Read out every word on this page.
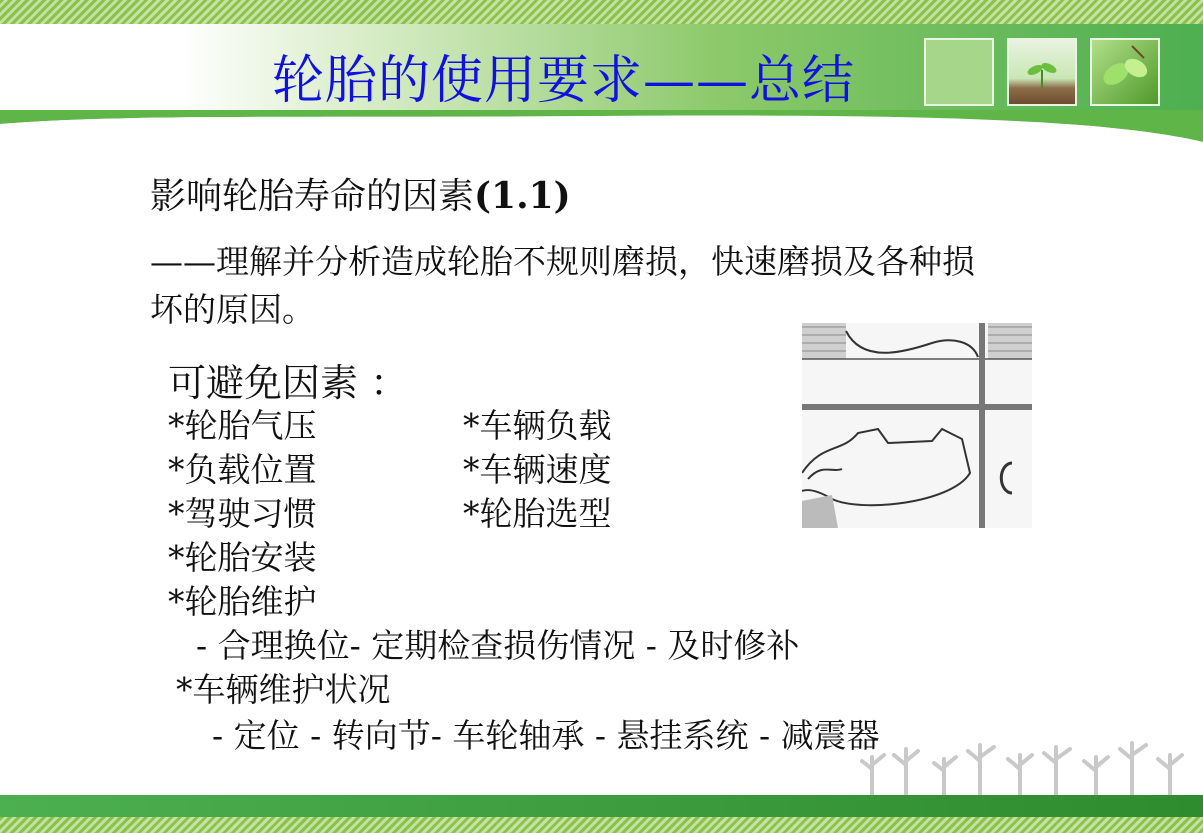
轮胎的使用要求——总结
影响轮胎寿命的因素(1.1)
——理解并分析造成轮胎不规则磨损，快速磨损及各种损
坏的原因。
可避免因素 ：
*轮胎气压
*负载位置
*驾驶习惯
*轮胎安装
*轮胎维护
*车辆负载
*车辆速度
*轮胎选型
- 合理换位- 定期检查损伤情况 - 及时修补
*车辆维护状况
- 定位 - 转向节- 车轮轴承 - 悬挂系统 - 减震器
